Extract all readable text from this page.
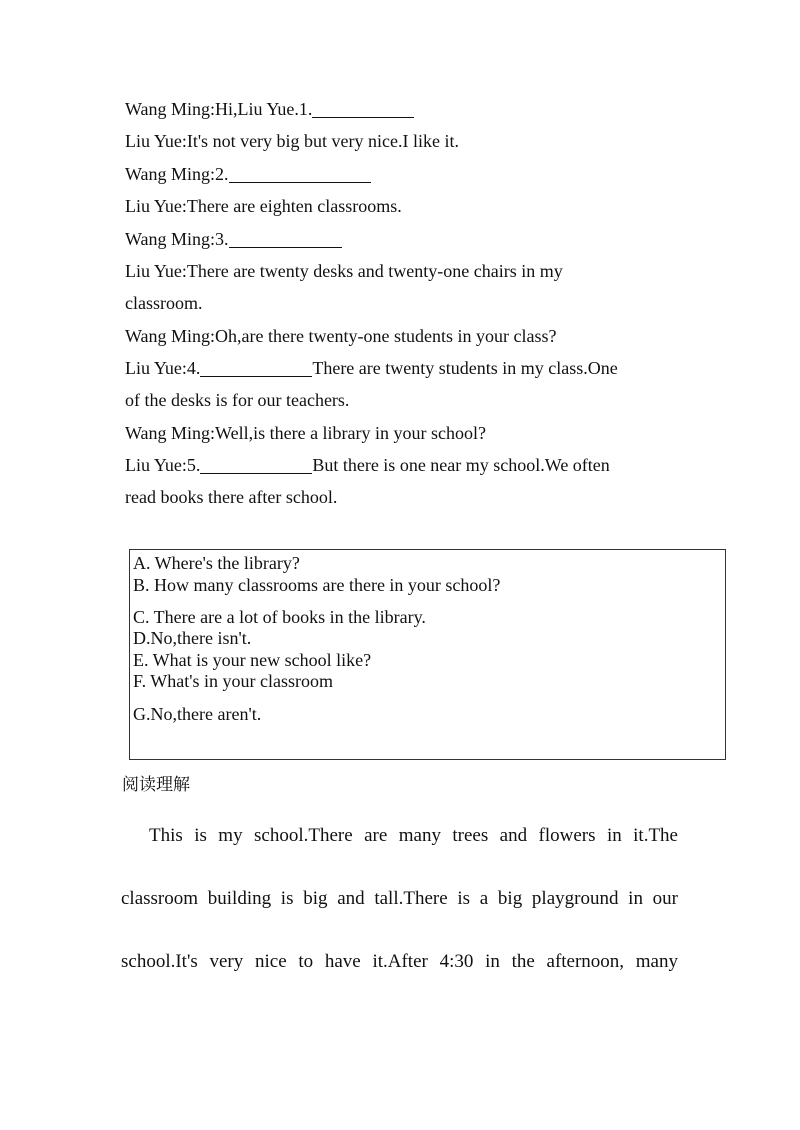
Wang Ming:Hi,Liu Yue.1.
Liu Yue:It's not very big but very nice.I like it.
Wang Ming:2.
Liu Yue:There are eighten classrooms.
Wang Ming:3.
Liu Yue:There are twenty desks and twenty-one chairs in my
classroom.
Wang Ming:Oh,are there twenty-one students in your class?
Liu Yue:4.	There are twenty students in my class.One
of the desks is for our teachers.
Wang Ming:Well,is there a library in your school?
Liu Yue:5.	But there is one near my school.We often
read books there after school.
A. Where's the library?
B. How many classrooms are there in your school?
C. There are a lot of books in the library.
D.No,there isn't.
E. What is your new school like?
F. What's in your classroom
G.No,there aren't.
阅读理解
This is my school.There are many trees and flowers in it.The
classroom building is big and tall.There is a big playground in our
school.It's very nice to have it.After 4:30 in the afternoon, many
